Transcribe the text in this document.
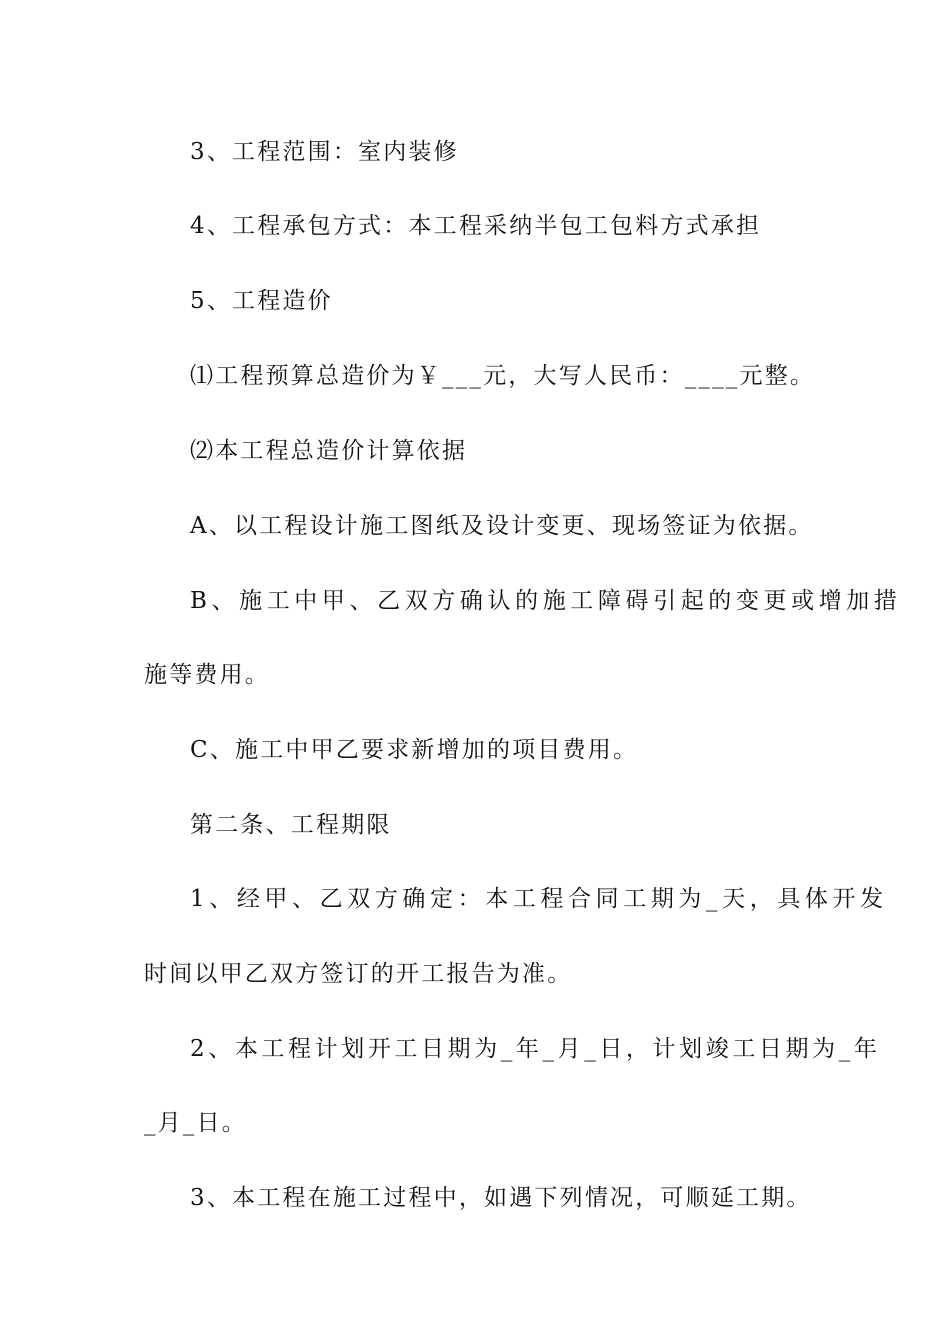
3、工程范围：室内装修
4、工程承包方式：本工程采纳半包工包料方式承担
5、工程造价
⑴工程预算总造价为￥___元，大写人民币：____元整。
⑵本工程总造价计算依据
A、以工程设计施工图纸及设计变更、现场签证为依据。
B、施工中甲、乙双方确认的施工障碍引起的变更或增加措
施等费用。
C、施工中甲乙要求新增加的项目费用。
第二条、工程期限
1、经甲、乙双方确定：本工程合同工期为_天，具体开发
时间以甲乙双方签订的开工报告为准。
2、本工程计划开工日期为_年_月_日，计划竣工日期为_年
_月_日。
3、本工程在施工过程中，如遇下列情况，可顺延工期。
